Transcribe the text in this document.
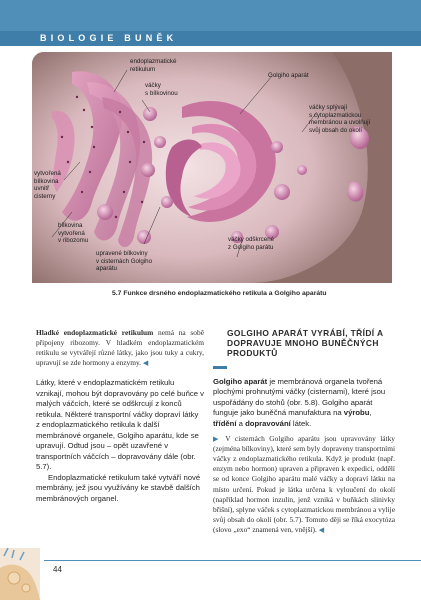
BIOLOGIE BUNĚK

endoplazmatické
retikulum
váčky
s bílkovinou
Golgiho aparát
váčky splývají
s cytoplazmatickou
membránou a uvolňují
svůj obsah do okolí
vytvořená
bílkovina
uvnitř
cisterny
bílkovina
vytvořená
v ribozomu
upravené bílkoviny
v cisternách Golgiho
aparátu
váčky odškrcené
z Golgiho parátu

5.7 Funkce drsného endoplazmatického retikula a Golgiho aparátu

Hladké endoplazmatické retikulum nemá na sobě připojeny ribozomy. V hladkém endoplazmatickém retikulu se vytvářejí různé látky, jako jsou tuky a cukry, upravují se zde hormony a enzymy. ◀

Látky, které v endoplazmatickém retikulu vznikají, mohou být dopravovány po celé buňce v malých váčcích, které se odškrcují z konců retikula. Některé transportní váčky dopraví látky z endoplazmatického retikula k další membránové organele, Golgiho aparátu, kde se upravují. Odtud jsou – opět uzavřené v transportních váčcích – dopravovány dále (obr. 5.7).

Endoplazmatické retikulum také vytváří nové membrány, jež jsou využívány ke stavbě dalších membránových organel.

GOLGIHO APARÁT VYRÁBÍ, TŘÍDÍ A DOPRAVUJE MNOHO BUNĚČNÝCH PRODUKTŮ

Golgiho aparát je membránová organela tvořená plochými prohnutými váčky (cisternami), které jsou uspořádány do stohů (obr. 5.8). Golgiho aparát funguje jako buněčná manufaktura na výrobu, třídění a dopravování látek.

▶ V cisternách Golgiho aparátu jsou upravovány látky (zejména bílkoviny), které sem byly dopraveny transportními váčky z endoplazmatického retikula. Když je produkt (např. enzym nebo hormon) upraven a připraven k expedici, oddělí se od konce Golgiho aparátu malé váčky a dopraví látku na místo určení. Pokud je látka určena k vyloučení do okolí (například hormon inzulin, jenž vzniká v buňkách slinivky břišní), splyne váček s cytoplazmatickou membránou a vylije svůj obsah do okolí (obr. 5.7). Tomuto ději se říká exocytóza (slovo „exo“ znamená ven, vnější). ◀

44
